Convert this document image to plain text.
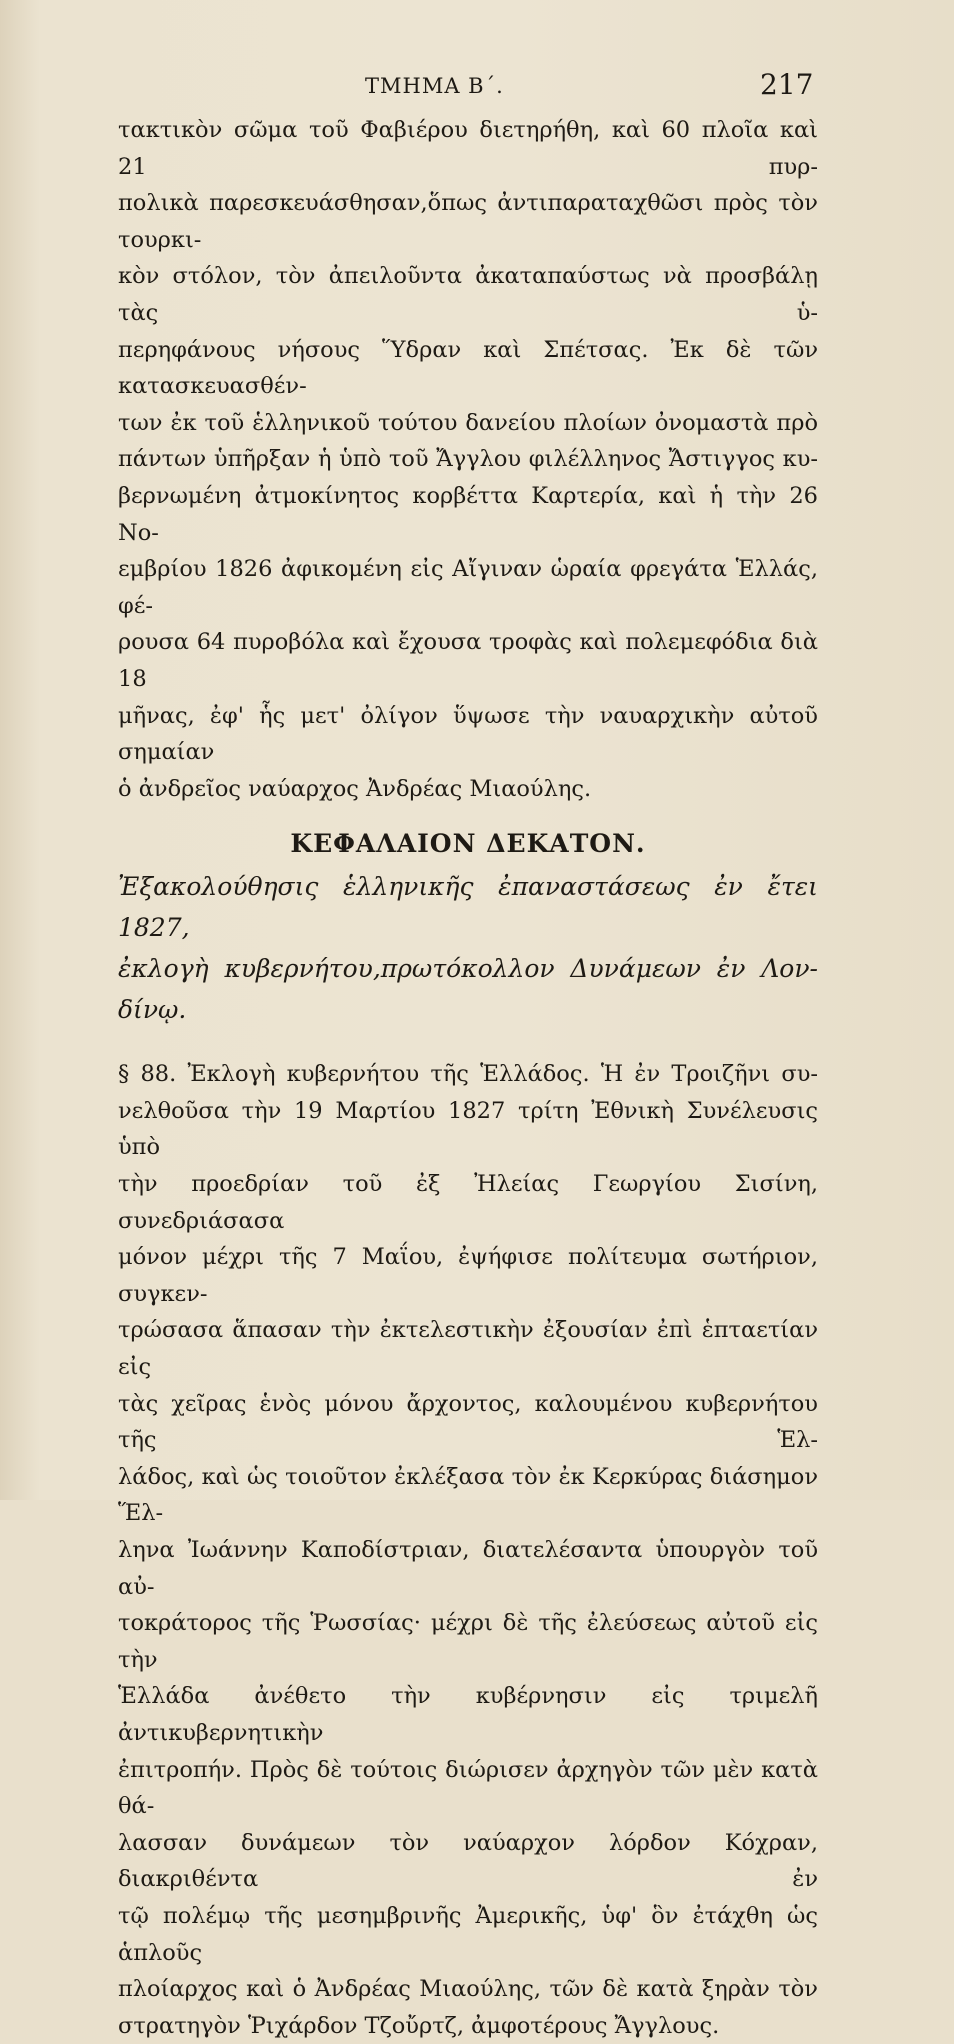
ΤΜΗΜΑ Β΄.	217

τακτικὸν σῶμα τοῦ Φαβιέρου διετηρήθη, καὶ 60 πλοῖα καὶ 21 πυρ-
πολικὰ παρεσκευάσθησαν,ὅπως ἀντιπαραταχθῶσι πρὸς τὸν τουρκι-
κὸν στόλον, τὸν ἀπειλοῦντα ἀκαταπαύστως νὰ προσβάλῃ τὰς ὑ-
περηφάνους νήσους Ὕδραν καὶ Σπέτσας. Ἐκ δὲ τῶν κατασκευασθέν-
των ἐκ τοῦ ἑλληνικοῦ τούτου δανείου πλοίων ὀνομαστὰ πρὸ
πάντων ὑπῆρξαν ἡ ὑπὸ τοῦ Ἄγγλου φιλέλληνος Ἄστιγγος κυ-
βερνωμένη ἀτμοκίνητος κορβέττα Καρτερία, καὶ ἡ τὴν 26 Νο-
εμβρίου 1826 ἀφικομένη εἰς Αἴγιναν ὡραία φρεγάτα Ἑλλάς, φέ-
ρουσα 64 πυροβόλα καὶ ἔχουσα τροφὰς καὶ πολεμεφόδια διὰ 18
μῆνας, ἐφ' ἧς μετ' ὀλίγον ὕψωσε τὴν ναυαρχικὴν αὐτοῦ σημαίαν
ὁ ἀνδρεῖος ναύαρχος Ἀνδρέας Μιαούλης.

ΚΕΦΑΛΑΙΟΝ ΔΕΚΑΤΟΝ.

Ἐξακολούθησις ἑλληνικῆς ἐπαναστάσεως ἐν ἔτει 1827,
ἐκλογὴ κυβερνήτου,πρωτόκολλον Δυνάμεων ἐν Λον-
δίνῳ.

§ 88. Ἐκλογὴ κυβερνήτου τῆς Ἑλλάδος. Ἡ ἐν Τροιζῆνι συ-
νελθοῦσα τὴν 19 Μαρτίου 1827 τρίτη Ἐθνικὴ Συνέλευσις ὑπὸ
τὴν προεδρίαν τοῦ ἐξ Ἠλείας Γεωργίου Σισίνη, συνεδριάσασα
μόνον μέχρι τῆς 7 Μαΐου, ἐψήφισε πολίτευμα σωτήριον, συγκεν-
τρώσασα ἅπασαν τὴν ἐκτελεστικὴν ἐξουσίαν ἐπὶ ἑπταετίαν εἰς
τὰς χεῖρας ἑνὸς μόνου ἄρχοντος, καλουμένου κυβερνήτου τῆς Ἑλ-
λάδος, καὶ ὡς τοιοῦτον ἐκλέξασα τὸν ἐκ Κερκύρας διάσημον Ἕλ-
ληνα Ἰωάννην Καποδίστριαν, διατελέσαντα ὑπουργὸν τοῦ αὐ-
τοκράτορος τῆς Ῥωσσίας· μέχρι δὲ τῆς ἐλεύσεως αὐτοῦ εἰς τὴν
Ἑλλάδα ἀνέθετο τὴν κυβέρνησιν εἰς τριμελῆ ἀντικυβερνητικὴν
ἐπιτροπήν. Πρὸς δὲ τούτοις διώρισεν ἀρχηγὸν τῶν μὲν κατὰ θά-
λασσαν δυνάμεων τὸν ναύαρχον λόρδον Κόχραν, διακριθέντα ἐν
τῷ πολέμῳ τῆς μεσημβρινῆς Ἀμερικῆς, ὑφ' ὃν ἐτάχθη ὡς ἁπλοῦς
πλοίαρχος καὶ ὁ Ἀνδρέας Μιαούλης, τῶν δὲ κατὰ ξηρὰν τὸν
στρατηγὸν Ῥιχάρδον Τζοὔρτζ, ἀμφοτέρους Ἄγγλους.
